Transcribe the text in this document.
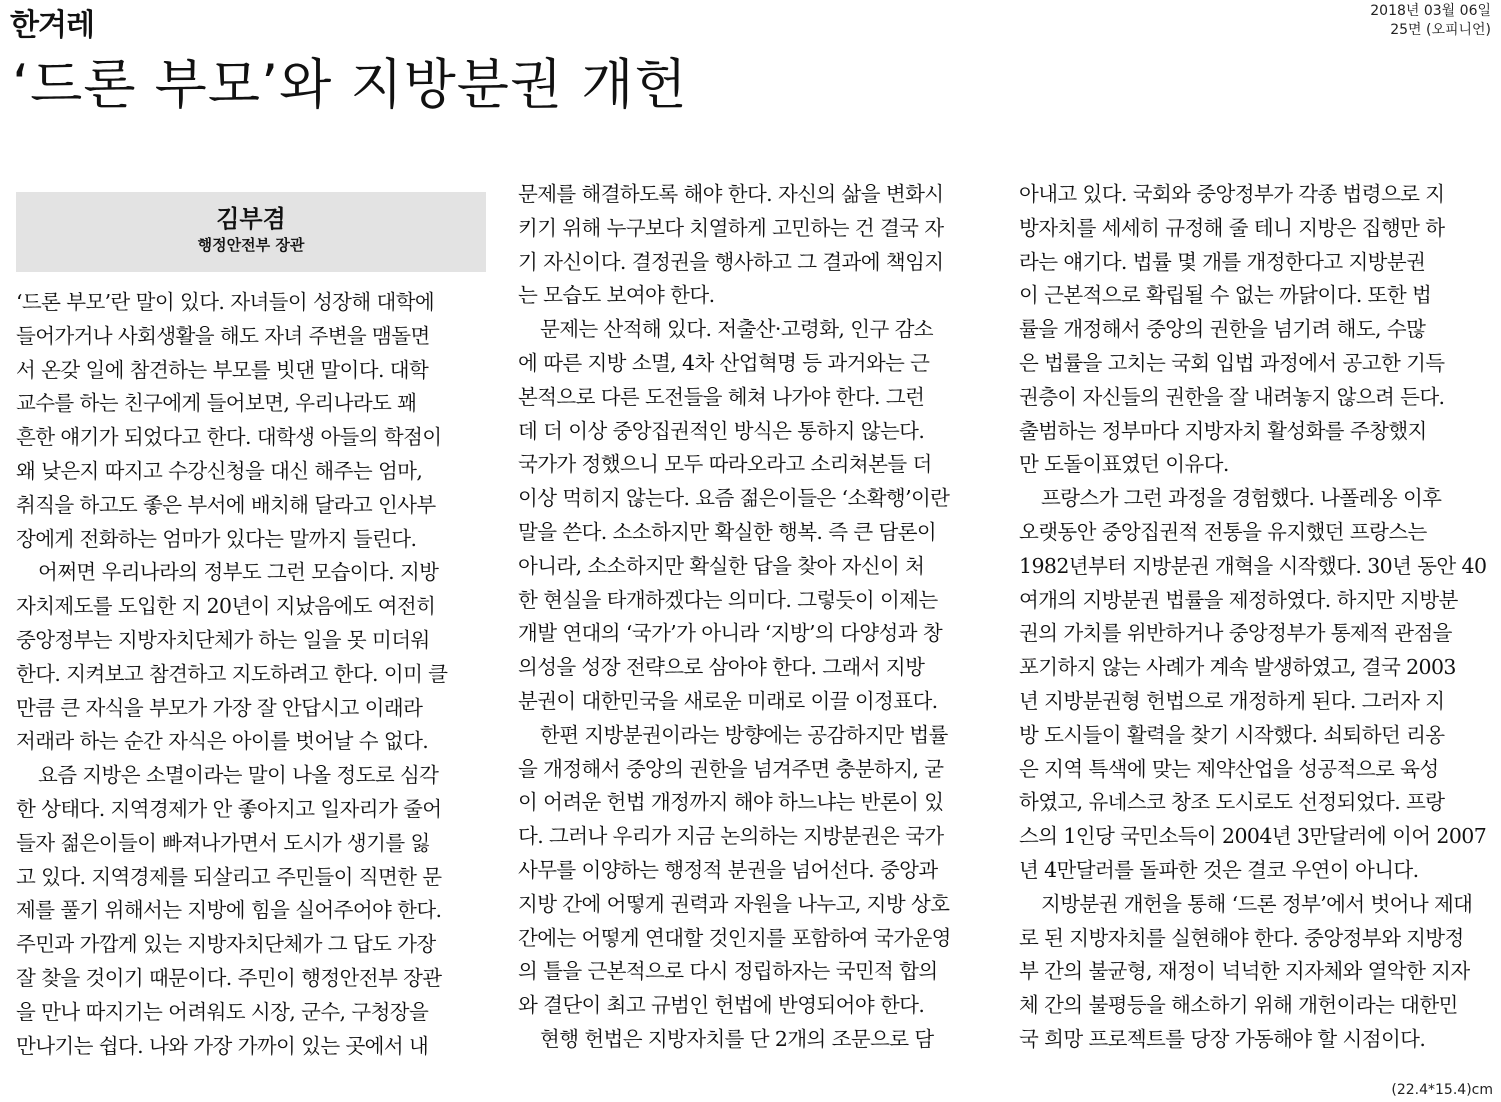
한겨레	2018년 03월 06일
25면 (오피니언)
‘드론 부모’와 지방분권 개헌
김부겸
행정안전부 장관
‘드론 부모’란 말이 있다. 자녀들이 성장해 대학에
들어가거나 사회생활을 해도 자녀 주변을 맴돌면
서 온갖 일에 참견하는 부모를 빗댄 말이다. 대학
교수를 하는 친구에게 들어보면, 우리나라도 꽤
흔한 얘기가 되었다고 한다. 대학생 아들의 학점이
왜 낮은지 따지고 수강신청을 대신 해주는 엄마,
취직을 하고도 좋은 부서에 배치해 달라고 인사부
장에게 전화하는 엄마가 있다는 말까지 들린다.
어쩌면 우리나라의 정부도 그런 모습이다. 지방
자치제도를 도입한 지 20년이 지났음에도 여전히
중앙정부는 지방자치단체가 하는 일을 못 미더워
한다. 지켜보고 참견하고 지도하려고 한다. 이미 클
만큼 큰 자식을 부모가 가장 잘 안답시고 이래라
저래라 하는 순간 자식은 아이를 벗어날 수 없다.
요즘 지방은 소멸이라는 말이 나올 정도로 심각
한 상태다. 지역경제가 안 좋아지고 일자리가 줄어
들자 젊은이들이 빠져나가면서 도시가 생기를 잃
고 있다. 지역경제를 되살리고 주민들이 직면한 문
제를 풀기 위해서는 지방에 힘을 실어주어야 한다.
주민과 가깝게 있는 지방자치단체가 그 답도 가장
잘 찾을 것이기 때문이다. 주민이 행정안전부 장관
을 만나 따지기는 어려워도 시장, 군수, 구청장을
만나기는 쉽다. 나와 가장 가까이 있는 곳에서 내
문제를 해결하도록 해야 한다. 자신의 삶을 변화시
키기 위해 누구보다 치열하게 고민하는 건 결국 자
기 자신이다. 결정권을 행사하고 그 결과에 책임지
는 모습도 보여야 한다.
문제는 산적해 있다. 저출산·고령화, 인구 감소
에 따른 지방 소멸, 4차 산업혁명 등 과거와는 근
본적으로 다른 도전들을 헤쳐 나가야 한다. 그런
데 더 이상 중앙집권적인 방식은 통하지 않는다.
국가가 정했으니 모두 따라오라고 소리쳐본들 더
이상 먹히지 않는다. 요즘 젊은이들은 ‘소확행’이란
말을 쓴다. 소소하지만 확실한 행복. 즉 큰 담론이
아니라, 소소하지만 확실한 답을 찾아 자신이 처
한 현실을 타개하겠다는 의미다. 그렇듯이 이제는
개발 연대의 ‘국가’가 아니라 ‘지방’의 다양성과 창
의성을 성장 전략으로 삼아야 한다. 그래서 지방
분권이 대한민국을 새로운 미래로 이끌 이정표다.
한편 지방분권이라는 방향에는 공감하지만 법률
을 개정해서 중앙의 권한을 넘겨주면 충분하지, 굳
이 어려운 헌법 개정까지 해야 하느냐는 반론이 있
다. 그러나 우리가 지금 논의하는 지방분권은 국가
사무를 이양하는 행정적 분권을 넘어선다. 중앙과
지방 간에 어떻게 권력과 자원을 나누고, 지방 상호
간에는 어떻게 연대할 것인지를 포함하여 국가운영
의 틀을 근본적으로 다시 정립하자는 국민적 합의
와 결단이 최고 규범인 헌법에 반영되어야 한다.
현행 헌법은 지방자치를 단 2개의 조문으로 담
아내고 있다. 국회와 중앙정부가 각종 법령으로 지
방자치를 세세히 규정해 줄 테니 지방은 집행만 하
라는 얘기다. 법률 몇 개를 개정한다고 지방분권
이 근본적으로 확립될 수 없는 까닭이다. 또한 법
률을 개정해서 중앙의 권한을 넘기려 해도, 수많
은 법률을 고치는 국회 입법 과정에서 공고한 기득
권층이 자신들의 권한을 잘 내려놓지 않으려 든다.
출범하는 정부마다 지방자치 활성화를 주창했지
만 도돌이표였던 이유다.
프랑스가 그런 과정을 경험했다. 나폴레옹 이후
오랫동안 중앙집권적 전통을 유지했던 프랑스는
1982년부터 지방분권 개혁을 시작했다. 30년 동안 40
여개의 지방분권 법률을 제정하였다. 하지만 지방분
권의 가치를 위반하거나 중앙정부가 통제적 관점을
포기하지 않는 사례가 계속 발생하였고, 결국 2003
년 지방분권형 헌법으로 개정하게 된다. 그러자 지
방 도시들이 활력을 찾기 시작했다. 쇠퇴하던 리옹
은 지역 특색에 맞는 제약산업을 성공적으로 육성
하였고, 유네스코 창조 도시로도 선정되었다. 프랑
스의 1인당 국민소득이 2004년 3만달러에 이어 2007
년 4만달러를 돌파한 것은 결코 우연이 아니다.
지방분권 개헌을 통해 ‘드론 정부’에서 벗어나 제대
로 된 지방자치를 실현해야 한다. 중앙정부와 지방정
부 간의 불균형, 재정이 넉넉한 지자체와 열악한 지자
체 간의 불평등을 해소하기 위해 개헌이라는 대한민
국 희망 프로젝트를 당장 가동해야 할 시점이다.
(22.4*15.4)cm
